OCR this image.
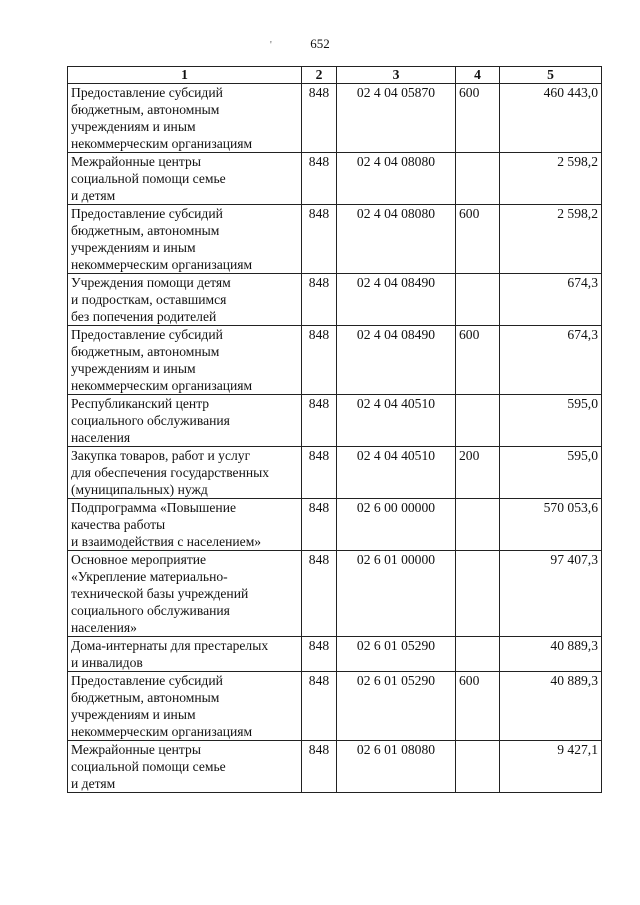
652
'
1	2	3	4	5

Предоставление субсидий
бюджетным, автономным
учреждениям и иным
некоммерческим организациям	848	02 4 04 05870	600	460 443,0

Межрайонные центры
социальной помощи семье
и детям	848	02 4 04 08080		2 598,2

Предоставление субсидий
бюджетным, автономным
учреждениям и иным
некоммерческим организациям	848	02 4 04 08080	600	2 598,2

Учреждения помощи детям
и подросткам, оставшимся
без попечения родителей	848	02 4 04 08490		674,3

Предоставление субсидий
бюджетным, автономным
учреждениям и иным
некоммерческим организациям	848	02 4 04 08490	600	674,3

Республиканский центр
социального обслуживания
населения	848	02 4 04 40510		595,0

Закупка товаров, работ и услуг
для обеспечения государственных
(муниципальных) нужд	848	02 4 04 40510	200	595,0

Подпрограмма «Повышение
качества работы
и взаимодействия с населением»	848	02 6 00 00000		570 053,6

Основное мероприятие
«Укрепление материально-
технической базы учреждений
социального обслуживания
населения»	848	02 6 01 00000		97 407,3

Дома-интернаты для престарелых
и инвалидов	848	02 6 01 05290		40 889,3

Предоставление субсидий
бюджетным, автономным
учреждениям и иным
некоммерческим организациям	848	02 6 01 05290	600	40 889,3

Межрайонные центры
социальной помощи семье
и детям	848	02 6 01 08080		9 427,1
